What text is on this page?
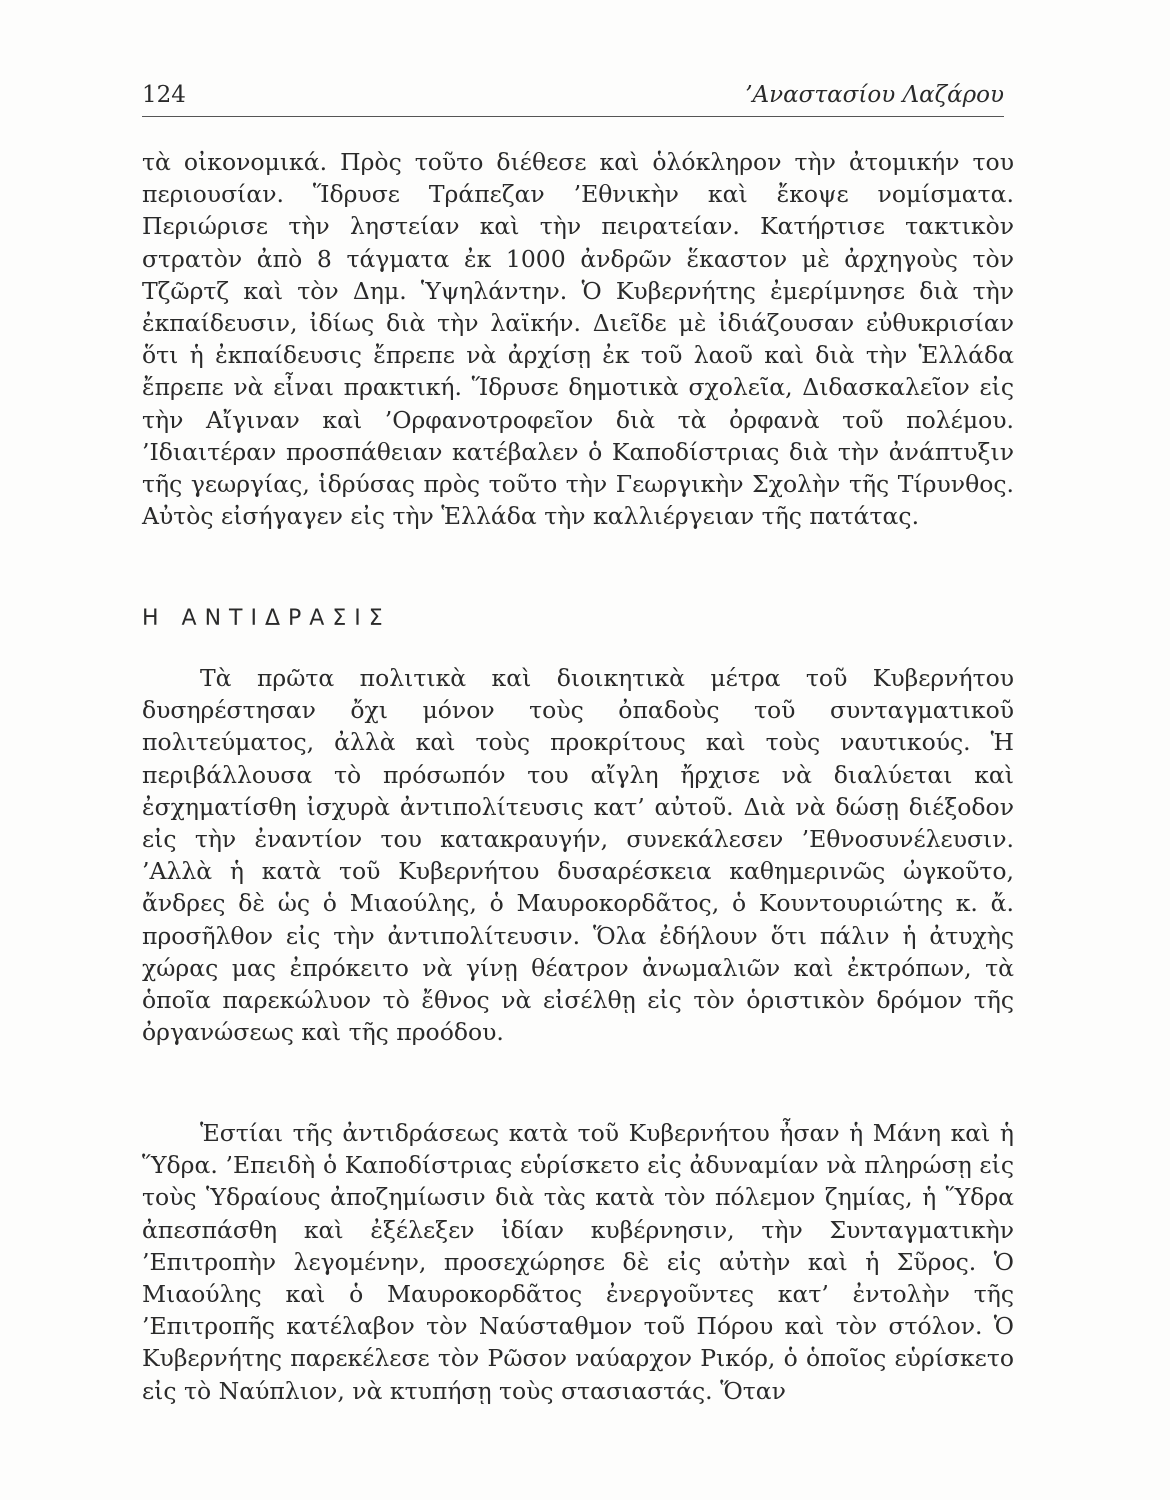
124	’Αναστασίου Λαζάρου

τὰ οἰκονομικά. Πρὸς τοῦτο διέθεσε καὶ ὁλόκληρον τὴν ἀτομικήν του περιουσίαν. Ἵδρυσε Τράπεζαν ’Εθνικὴν καὶ ἔκοψε νομίσματα. Περιώρισε τὴν ληστείαν καὶ τὴν πειρατείαν. Κατήρτισε τακτικὸν στρατὸν ἀπὸ 8 τάγματα ἐκ 1000 ἀνδρῶν ἕκαστον μὲ ἀρχηγοὺς τὸν Τζῶρτζ καὶ τὸν Δημ. Ὑψηλάντην. Ὁ Κυβερνήτης ἐμερίμνησε διὰ τὴν ἐκπαίδευσιν, ἰδίως διὰ τὴν λαϊκήν. Διεῖδε μὲ ἰδιάζουσαν εὐθυκρισίαν ὅτι ἡ ἐκπαίδευσις ἔπρεπε νὰ ἀρχίσῃ ἐκ τοῦ λαοῦ καὶ διὰ τὴν Ἑλλάδα ἔπρεπε νὰ εἶναι πρακτική. Ἵδρυσε δημοτικὰ σχολεῖα, Διδασκαλεῖον εἰς τὴν Αἴγιναν καὶ ’Ορφανοτροφεῖον διὰ τὰ ὀρφανὰ τοῦ πολέμου. ’Ιδιαιτέραν προσπάθειαν κατέβαλεν ὁ Καποδίστριας διὰ τὴν ἀνάπτυξιν τῆς γεωργίας, ἱδρύσας πρὸς τοῦτο τὴν Γεωργικὴν Σχολὴν τῆς Τίρυνθος. Αὐτὸς εἰσήγαγεν εἰς τὴν Ἑλλάδα τὴν καλλιέργειαν τῆς πατάτας.

Η ΑΝΤΙΔΡΑΣΙΣ

Τὰ πρῶτα πολιτικὰ καὶ διοικητικὰ μέτρα τοῦ Κυβερνήτου δυσηρέστησαν ὄχι μόνον τοὺς ὀπαδοὺς τοῦ συνταγματικοῦ πολιτεύματος, ἀλλὰ καὶ τοὺς προκρίτους καὶ τοὺς ναυτικούς. Ἡ περιβάλλουσα τὸ πρόσωπόν του αἴγλη ἤρχισε νὰ διαλύεται καὶ ἐσχηματίσθη ἰσχυρὰ ἀντιπολίτευσις κατ’ αὐτοῦ. Διὰ νὰ δώσῃ διέξοδον εἰς τὴν ἐναντίον του κατακραυγήν, συνεκάλεσεν ’Εθνοσυνέλευσιν. ’Αλλὰ ἡ κατὰ τοῦ Κυβερνήτου δυσαρέσκεια καθημερινῶς ὠγκοῦτο, ἄνδρες δὲ ὡς ὁ Μιαούλης, ὁ Μαυροκορδᾶτος, ὁ Κουντουριώτης κ. ἄ. προσῆλθον εἰς τὴν ἀντιπολίτευσιν. Ὅλα ἐδήλουν ὅτι πάλιν ἡ ἀτυχὴς χώρας μας ἐπρόκειτο νὰ γίνῃ θέατρον ἀνωμαλιῶν καὶ ἐκτρόπων, τὰ ὁποῖα παρεκώλυον τὸ ἔθνος νὰ εἰσέλθῃ εἰς τὸν ὁριστικὸν δρόμον τῆς ὀργανώσεως καὶ τῆς προόδου.

Ἑστίαι τῆς ἀντιδράσεως κατὰ τοῦ Κυβερνήτου ἦσαν ἡ Μάνη καὶ ἡ Ὕδρα. ’Επειδὴ ὁ Καποδίστριας εὑρίσκετο εἰς ἀδυναμίαν νὰ πληρώσῃ εἰς τοὺς Ὑδραίους ἀποζημίωσιν διὰ τὰς κατὰ τὸν πόλεμον ζημίας, ἡ Ὕδρα ἀπεσπάσθη καὶ ἐξέλεξεν ἰδίαν κυβέρνησιν, τὴν Συνταγματικὴν ’Επιτροπὴν λεγομένην, προσεχώρησε δὲ εἰς αὐτὴν καὶ ἡ Σῦρος. Ὁ Μιαούλης καὶ ὁ Μαυροκορδᾶτος ἐνεργοῦντες κατ’ ἐντολὴν τῆς ’Επιτροπῆς κατέλαβον τὸν Ναύσταθμον τοῦ Πόρου καὶ τὸν στόλον. Ὁ Κυβερνήτης παρεκέλεσε τὸν Ρῶσον ναύαρχον Ρικόρ, ὁ ὁποῖος εὑρίσκετο εἰς τὸ Ναύπλιον, νὰ κτυπήσῃ τοὺς στασιαστάς. Ὅταν
